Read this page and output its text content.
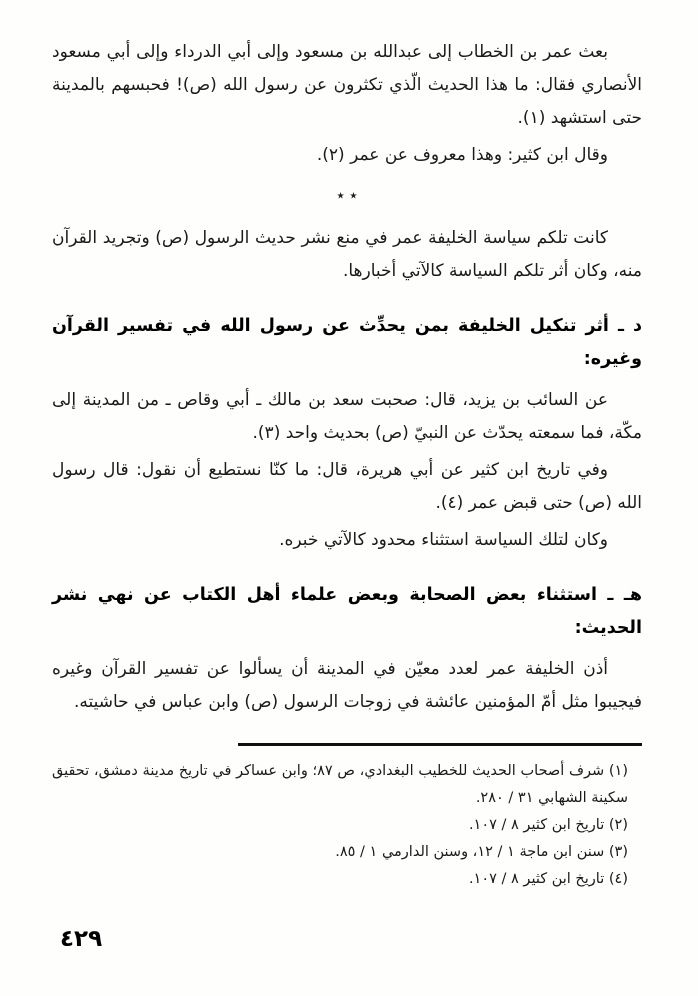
بعث عمر بن الخطاب إلى عبدالله بن مسعود وإلى أبي الدرداء وإلى أبي مسعود الأنصاري فقال: ما هذا الحديث الّذي تكثرون عن رسول الله (ص)! فحبسهم بالمدينة حتى استشهد (١).

وقال ابن كثير: وهذا معروف عن عمر (٢).

٭ ٭

كانت تلكم سياسة الخليفة عمر في منع نشر حديث الرسول (ص) وتجريد القرآن منه، وكان أثر تلكم السياسة كالآتي أخبارها.

د ـ أثر تنكيل الخليفة بمن يحدِّث عن رسول الله في تفسير القرآن وغيره:

عن السائب بن يزيد، قال: صحبت سعد بن مالك ـ أبي وقاص ـ من المدينة إلى مكّة، فما سمعته يحدّث عن النبيّ (ص) بحديث واحد (٣).

وفي تاريخ ابن كثير عن أبي هريرة، قال: ما كنّا نستطيع أن نقول: قال رسول الله (ص) حتى قبض عمر (٤).

وكان لتلك السياسة استثناء محدود كالآتي خبره.

هـ ـ استثناء بعض الصحابة وبعض علماء أهل الكتاب عن نهي نشر الحديث:

أذن الخليفة عمر لعدد معيّن في المدينة أن يسألوا عن تفسير القرآن وغيره فيجيبوا مثل أمّ المؤمنين عائشة في زوجات الرسول (ص) وابن عباس في حاشيته.

(١) شرف أصحاب الحديث للخطيب البغدادي، ص ٨٧؛ وابن عساكر في تاريخ مدينة دمشق، تحقيق سكينة الشهابي ٣١ / ٢٨٠.

(٢) تاريخ ابن كثير ٨ / ١٠٧.

(٣) سنن ابن ماجة ١ / ١٢، وسنن الدارمي ١ / ٨٥.

(٤) تاريخ ابن كثير ٨ / ١٠٧.

٤٢٩
